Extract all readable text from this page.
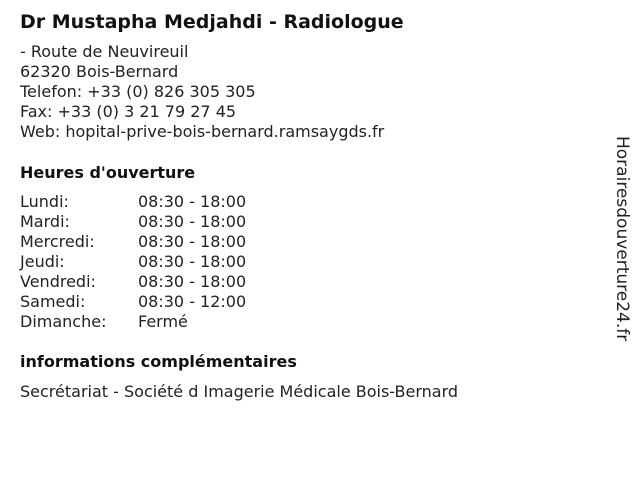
Dr Mustapha Medjahdi - Radiologue
- Route de Neuvireuil
62320 Bois-Bernard
Telefon: +33 (0) 826 305 305
Fax: +33 (0) 3 21 79 27 45
Web: hopital-prive-bois-bernard.ramsaygds.fr
Heures d'ouverture
Lundi:	08:30 - 18:00
Mardi:	08:30 - 18:00
Mercredi:	08:30 - 18:00
Jeudi:	08:30 - 18:00
Vendredi:	08:30 - 18:00
Samedi:	08:30 - 12:00
Dimanche:	Fermé
informations complémentaires
Secrétariat - Société d Imagerie Médicale Bois-Bernard
Horairesdouverture24.fr
